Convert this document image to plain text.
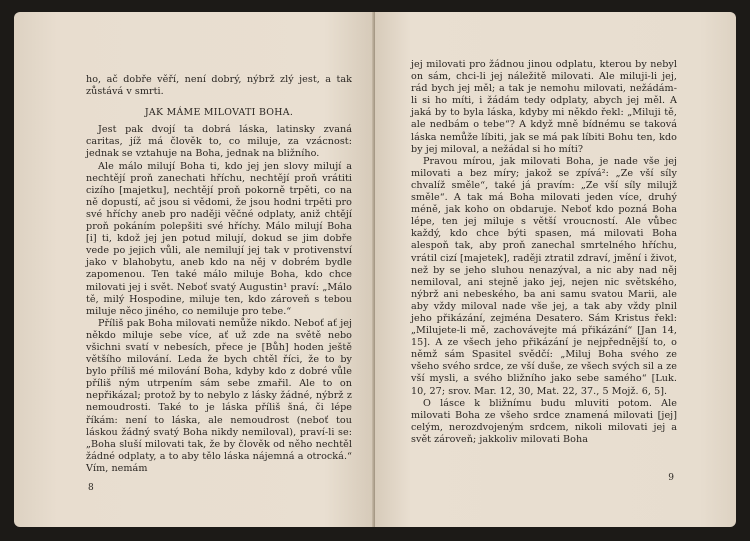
ho, ač dobře věří, není dobrý, nýbrž zlý jest, a tak zůstává v smrti.

JAK MÁME MILOVATI BOHA.

Jest pak dvojí ta dobrá láska, latinsky zvaná caritas, jíž má člověk to, co miluje, za vzácnost: jednak se vztahuje na Boha, jednak na bližního.

Ale málo milují Boha ti, kdo jej jen slovy milují a nechtějí proň zanechati hříchu, nechtějí proň vrátiti cizího [majetku], nechtějí proň pokorně trpěti, co na ně dopustí, ač jsou si vědomi, že jsou hodni trpěti pro své hříchy aneb pro naději věčné odplaty, aniž chtějí proň pokáním polepšiti své hříchy. Málo milují Boha [i] ti, kdož jej jen potud milují, dokud se jim dobře vede po jejich vůli, ale nemilují jej tak v protivenství jako v blahobytu, aneb kdo na něj v dobrém bydle zapomenou. Ten také málo miluje Boha, kdo chce milovati jej i svět. Neboť svatý Augustin¹ praví: „Málo tě, milý Hospodine, miluje ten, kdo zároveň s tebou miluje něco jiného, co nemiluje pro tebe.“

Příliš pak Boha milovati nemůže nikdo. Neboť ať jej někdo miluje sebe více, ať už zde na světě nebo všichni svatí v nebesích, přece je [Bůh] hoden ještě většího milování. Leda že bych chtěl říci, že to by bylo příliš mé milování Boha, kdyby kdo z dobré vůle příliš ným utrpením sám sebe zmařil. Ale to on nepřikázal; protož by to nebylo z lásky žádné, nýbrž z nemoudrosti. Také to je láska příliš šná, či lépe říkám: není to láska, ale nemoudrost (neboť tou láskou žádný svatý Boha nikdy nemiloval), praví-li se: „Boha sluší milovati tak, že by člověk od něho nechtěl žádné odplaty, a to aby tělo láska nájemná a otrocká.“ Vím, nemám

8

jej milovati pro žádnou jinou odplatu, kterou by nebyl on sám, chci-li jej náležitě milovati. Ale miluji-li jej, rád bych jej měl; a tak je nemohu milovati, nežádám-li si ho míti, i žádám tedy odplaty, abych jej měl. A jaká by to byla láska, kdyby mi někdo řekl: „Miluji tě, ale nedbám o tebe“? A když mně bídnému se taková láska nemůže líbiti, jak se má pak líbiti Bohu ten, kdo by jej miloval, a nežádal si ho míti?

Pravou mírou, jak milovati Boha, je nade vše jej milovati a bez míry; jakož se zpívá²: „Ze vší síly chvalíž směle“, také já pravím: „Ze vší síly milujž směle“. A tak má Boha milovati jeden více, druhý méně, jak koho on obdaruje. Neboť kdo pozná Boha lépe, ten jej miluje s větší vroucností. Ale vůbec každý, kdo chce býti spasen, má milovati Boha alespoň tak, aby proň zanechal smrtelného hříchu, vrátil cizí [majetek], raději ztratil zdraví, jmění i život, než by se jeho sluhou nenazýval, a nic aby nad něj nemiloval, ani stejně jako jej, nejen nic světského, nýbrž ani nebeského, ba ani samu svatou Marii, ale aby vždy miloval nade vše jej, a tak aby vždy plnil jeho přikázání, zejména Desatero. Sám Kristus řekl: „Milujete-li mě, zachovávejte má přikázání“ [Jan 14, 15]. A ze všech jeho přikázání je nejpřednější to, o němž sám Spasitel svědčí: „Miluj Boha svého ze všeho svého srdce, ze vší duše, ze všech svých sil a ze vší mysli, a svého bližního jako sebe samého“ [Luk. 10, 27; srov. Mar. 12, 30, Mat. 22, 37., 5 Mojž. 6, 5].

O lásce k bližnímu budu mluviti potom. Ale milovati Boha ze všeho srdce znamená milovati [jej] celým, nerozdvojeným srdcem, nikoli milovati jej a svět zároveň; jakkoliv milovati Boha

9
